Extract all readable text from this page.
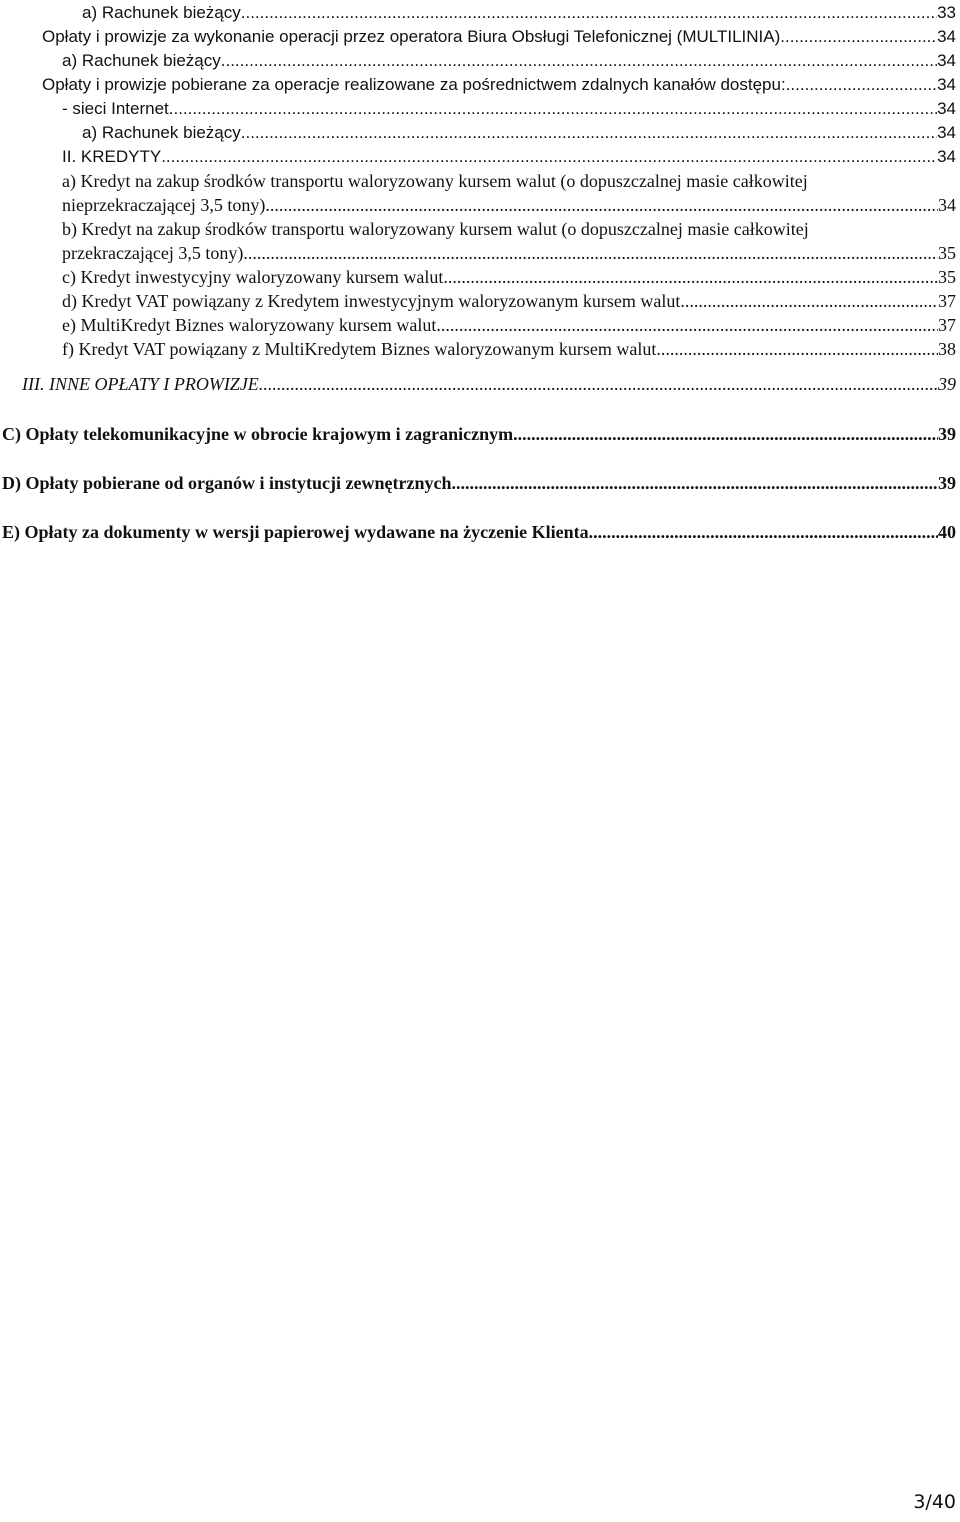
a) Rachunek bieżący .....	33
Opłaty i prowizje za wykonanie operacji przez operatora Biura Obsługi Telefonicznej (MULTILINIA) .....	34
a) Rachunek bieżący .....	34
Opłaty i prowizje pobierane za operacje realizowane za pośrednictwem zdalnych kanałów dostępu: .....	34
- sieci Internet .....	34
a) Rachunek bieżący .....	34
II. KREDYTY .....	34
a) Kredyt na zakup środków transportu waloryzowany kursem walut (o dopuszczalnej masie całkowitej
nieprzekraczającej 3,5 tony) .....	34
b) Kredyt na zakup środków transportu waloryzowany kursem walut (o dopuszczalnej masie całkowitej
przekraczającej 3,5 tony) .....	35
c) Kredyt inwestycyjny waloryzowany kursem walut .....	35
d) Kredyt VAT powiązany z Kredytem inwestycyjnym waloryzowanym kursem walut .....	37
e) MultiKredyt Biznes waloryzowany kursem walut .....	37
f) Kredyt VAT powiązany z MultiKredytem Biznes waloryzowanym kursem walut .....	38
III. INNE OPŁATY I PROWIZJE .....	39
C) Opłaty telekomunikacyjne w obrocie krajowym i zagranicznym .....	39
D) Opłaty pobierane od organów i instytucji zewnętrznych .....	39
E) Opłaty za dokumenty w wersji papierowej wydawane na życzenie Klienta .....	40
3/40
